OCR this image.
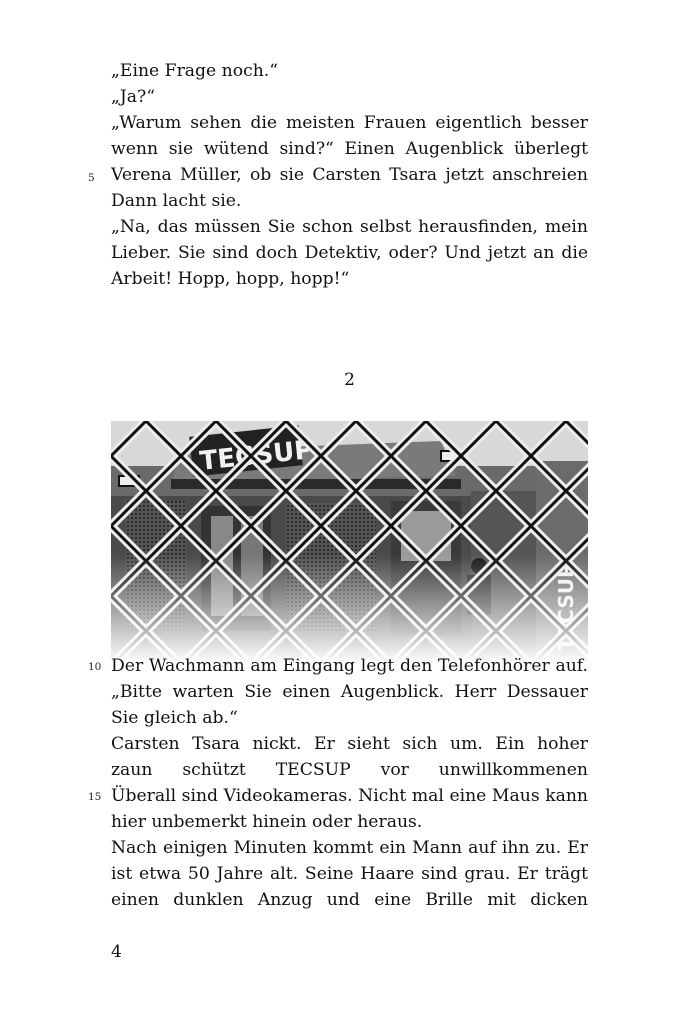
„Eine Frage noch.“
„Ja?“
„Warum sehen die meisten Frauen eigentlich besser
wenn sie wütend sind?“ Einen Augenblick überlegt
Verena Müller, ob sie Carsten Tsara jetzt anschreien
Dann lacht sie.
„Na, das müssen Sie schon selbst herausfinden, mein
Lieber. Sie sind doch Detektiv, oder? Und jetzt an die
Arbeit! Hopp, hopp, hopp!“
5
2
Der Wachmann am Eingang legt den Telefonhörer auf.
„Bitte warten Sie einen Augenblick. Herr Dessauer
Sie gleich ab.“
Carsten Tsara nickt. Er sieht sich um. Ein hoher
zaun schützt TECSUP vor unwillkommenen
Überall sind Videokameras. Nicht mal eine Maus kann
hier unbemerkt hinein oder heraus.
Nach einigen Minuten kommt ein Mann auf ihn zu. Er
ist etwa 50 Jahre alt. Seine Haare sind grau. Er trägt
einen dunklen Anzug und eine Brille mit dicken
10
15
4
